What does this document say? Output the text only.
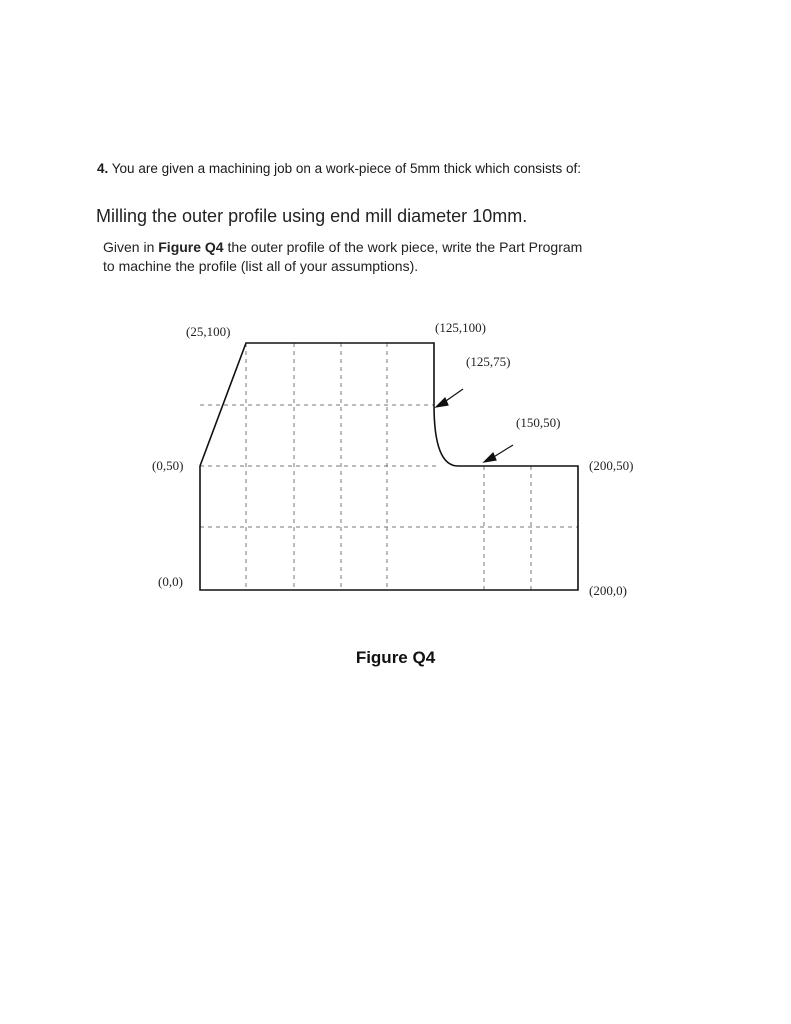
4. You are given a machining job on a work-piece of 5mm thick which consists of:
Milling the outer profile using end mill diameter 10mm.
Given in Figure Q4 the outer profile of the work piece, write the Part Program
to machine the profile (list all of your assumptions).
(25,100)	(125,100)
(125,75)
(150,50)
(0,50)	(200,50)
(0,0)
(200,0)
Figure Q4
